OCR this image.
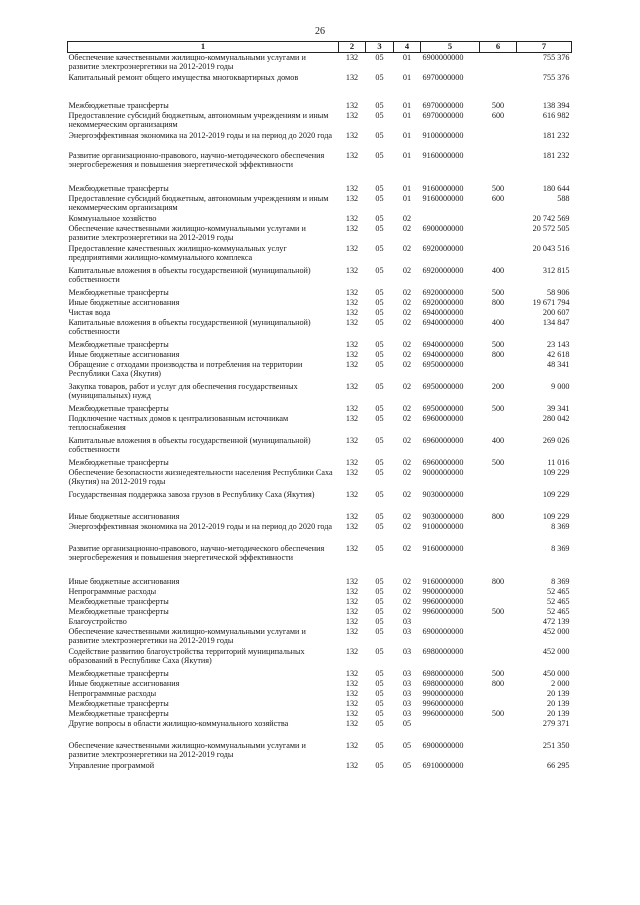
26
1	2	3	4	5	6	7
Обеспечение качественными жилищно-коммунальными услугами и развитие электроэнергетики на 2012-2019 годы	132	05	01	6900000000		755 376
Капитальный ремонт общего имущества многоквартирных домов	132	05	01	6970000000		755 376
Межбюджетные трансферты	132	05	01	6970000000	500	138 394
Предоставление субсидий бюджетным, автономным учреждениям и иным некоммерческим организациям	132	05	01	6970000000	600	616 982
Энергоэффективная экономика на 2012-2019 годы и на период до 2020 года	132	05	01	9100000000		181 232
Развитие организационно-правового, научно-методического обеспечения энергосбережения и повышения энергетической эффективности	132	05	01	9160000000		181 232
Межбюджетные трансферты	132	05	01	9160000000	500	180 644
Предоставление субсидий бюджетным, автономным учреждениям и иным некоммерческим организациям	132	05	01	9160000000	600	588
Коммунальное хозяйство	132	05	02			20 742 569
Обеспечение качественными жилищно-коммунальными услугами и развитие электроэнергетики на 2012-2019 годы	132	05	02	6900000000		20 572 505
Предоставление качественных жилищно-коммунальных услуг предприятиями жилищно-коммунального комплекса	132	05	02	6920000000		20 043 516
Капитальные вложения в объекты государственной (муниципальной) собственности	132	05	02	6920000000	400	312 815
Межбюджетные трансферты	132	05	02	6920000000	500	58 906
Иные бюджетные ассигнования	132	05	02	6920000000	800	19 671 794
Чистая вода	132	05	02	6940000000		200 607
Капитальные вложения в объекты государственной (муниципальной) собственности	132	05	02	6940000000	400	134 847
Межбюджетные трансферты	132	05	02	6940000000	500	23 143
Иные бюджетные ассигнования	132	05	02	6940000000	800	42 618
Обращение с отходами производства и потребления на территории Республики Саха (Якутия)	132	05	02	6950000000		48 341
Закупка товаров, работ и услуг для обеспечения государственных (муниципальных) нужд	132	05	02	6950000000	200	9 000
Межбюджетные трансферты	132	05	02	6950000000	500	39 341
Подключение частных домов к централизованным источникам теплоснабжения	132	05	02	6960000000		280 042
Капитальные вложения в объекты государственной (муниципальной) собственности	132	05	02	6960000000	400	269 026
Межбюджетные трансферты	132	05	02	6960000000	500	11 016
Обеспечение безопасности жизнедеятельности населения Республики Саха (Якутия) на 2012-2019 годы	132	05	02	9000000000		109 229
Государственная поддержка завоза грузов в Республику Саха (Якутия)	132	05	02	9030000000		109 229
Иные бюджетные ассигнования	132	05	02	9030000000	800	109 229
Энергоэффективная экономика на 2012-2019 годы и на период до 2020 года	132	05	02	9100000000		8 369
Развитие организационно-правового, научно-методического обеспечения энергосбережения и повышения энергетической эффективности	132	05	02	9160000000		8 369
Иные бюджетные ассигнования	132	05	02	9160000000	800	8 369
Непрограммные расходы	132	05	02	9900000000		52 465
Межбюджетные трансферты	132	05	02	9960000000		52 465
Межбюджетные трансферты	132	05	02	9960000000	500	52 465
Благоустройство	132	05	03			472 139
Обеспечение качественными жилищно-коммунальными услугами и развитие электроэнергетики на 2012-2019 годы	132	05	03	6900000000		452 000
Содействие развитию благоустройства территорий муниципальных образований в Республике Саха (Якутия)	132	05	03	6980000000		452 000
Межбюджетные трансферты	132	05	03	6980000000	500	450 000
Иные бюджетные ассигнования	132	05	03	6980000000	800	2 000
Непрограммные расходы	132	05	03	9900000000		20 139
Межбюджетные трансферты	132	05	03	9960000000		20 139
Межбюджетные трансферты	132	05	03	9960000000	500	20 139
Другие вопросы в области жилищно-коммунального хозяйства	132	05	05			279 371

Обеспечение качественными жилищно-коммунальными услугами и развитие электроэнергетики на 2012-2019 годы	132	05	05	6900000000		251 350
Управление программой	132	05	05	6910000000		66 295
